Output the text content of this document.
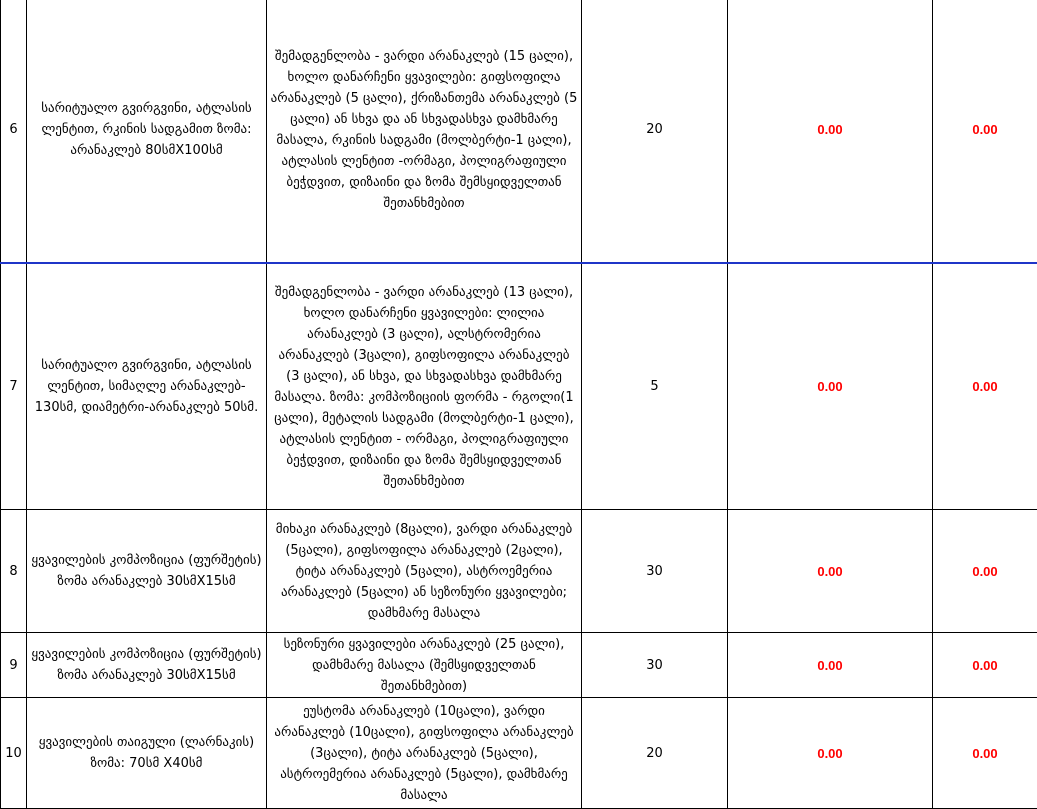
6	სარიტუალო გვირგვინი, ატლასის ლენტით, რკინის სადგამით ზომა: არანაკლებ 80სმX100სმ	შემადგენლობა - ვარდი არანაკლებ (15 ცალი), ხოლო დანარჩენი ყვავილები: გიფსოფილა არანაკლებ (5 ცალი), ქრიზანთემა არანაკლებ (5 ცალი) ან სხვა და ან სხვადასხვა დამხმარე მასალა, რკინის სადგამი (მოლბერტი-1 ცალი), ატლასის ლენტით -ორმაგი, პოლიგრაფიული ბეჭდვით, დიზაინი და ზომა შემსყიდველთან შეთანხმებით	20	0.00	0.00
7	სარიტუალო გვირგვინი, ატლასის ლენტით, სიმაღლე არანაკლებ- 130სმ, დიამეტრი-არანაკლებ 50სმ.	შემადგენლობა - ვარდი არანაკლებ (13 ცალი), ხოლო დანარჩენი ყვავილები: ლილია არანაკლებ (3 ცალი), ალსტრომერია არანაკლებ (3ცალი), გიფსოფილა არანაკლებ (3 ცალი), ან სხვა, და სხვადასხვა დამხმარე მასალა. ზომა: კომპოზიციის ფორმა - რგოლი(1 ცალი), მეტალის სადგამი (მოლბერტი-1 ცალი), ატლასის ლენტით - ორმაგი, პოლიგრაფიული ბეჭდვით, დიზაინი და ზომა შემსყიდველთან შეთანხმებით	5	0.00	0.00
8	ყვავილების კომპოზიცია (ფურშეტის) ზომა არანაკლებ 30სმX15სმ	მიხაკი არანაკლებ (8ცალი), ვარდი არანაკლებ (5ცალი), გიფსოფილა არანაკლებ (2ცალი), ტიტა არანაკლებ (5ცალი), ასტროემერია არანაკლებ (5ცალი) ან სეზონური ყვავილები; დამხმარე მასალა	30	0.00	0.00
9	ყვავილების კომპოზიცია (ფურშეტის) ზომა არანაკლებ 30სმX15სმ	სეზონური ყვავილები არანაკლებ (25 ცალი), დამხმარე მასალა (შემსყიდველთან შეთანხმებით)	30	0.00	0.00
10	ყვავილების თაიგული (ლარნაკის) ზომა: 70სმ X40სმ	ეუსტომა არანაკლებ (10ცალი), ვარდი არანაკლებ (10ცალი), გიფსოფილა არანაკლებ (3ცალი), ტიტა არანაკლებ (5ცალი), ასტროემერია არანაკლებ (5ცალი), დამხმარე მასალა	20	0.00	0.00
